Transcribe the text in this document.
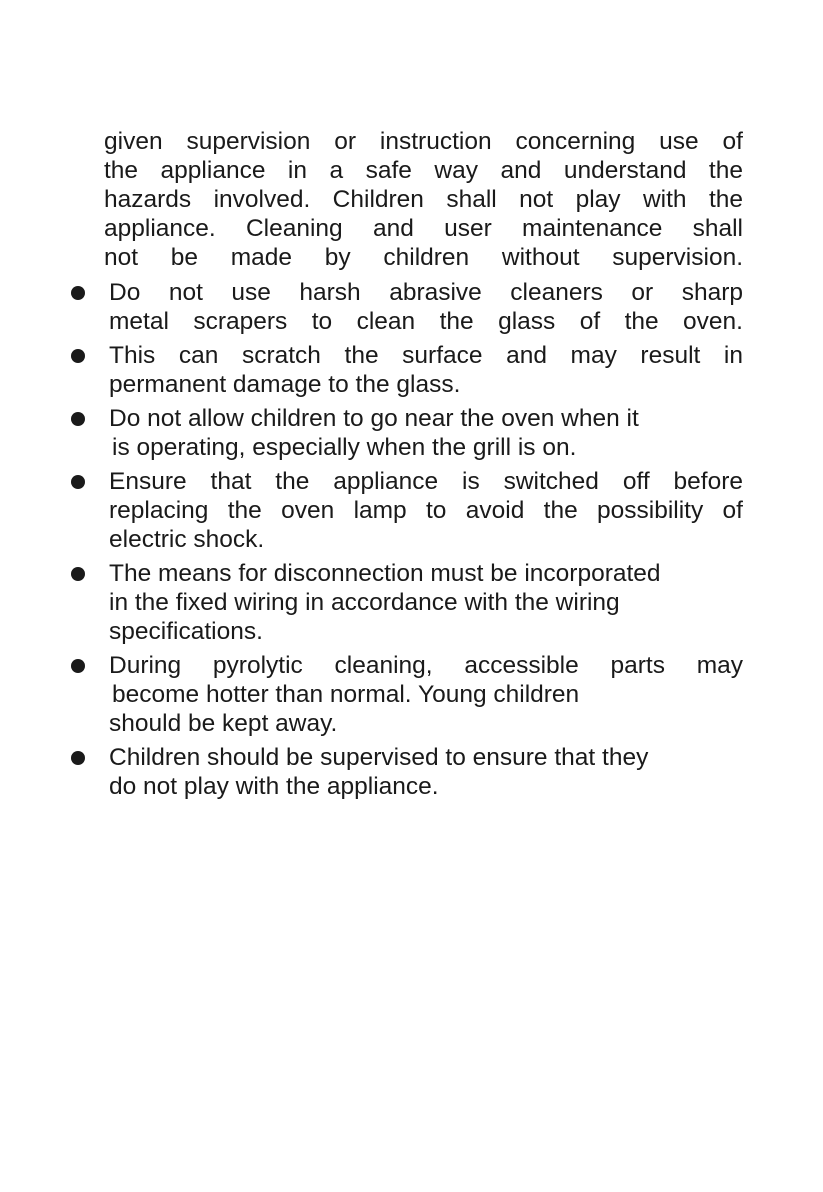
given supervision or instruction concerning use of
the appliance in a safe way and understand the
hazards involved. Children shall not play with the
appliance. Cleaning and user maintenance shall
not be made by children without supervision.
Do not use harsh abrasive cleaners or sharp
metal scrapers to clean the glass of the oven.
This can scratch the surface and may result in
permanent damage to the glass.
Do not allow children to go near the oven when it
is operating, especially when the grill is on.
Ensure that the appliance is switched off before
replacing the oven lamp to avoid the possibility of
electric shock.
The means for disconnection must be incorporated
in the fixed wiring in accordance with the wiring
specifications.
During pyrolytic cleaning, accessible parts may
become hotter than normal. Young children
should be kept away.
Children should be supervised to ensure that they
do not play with the appliance.
